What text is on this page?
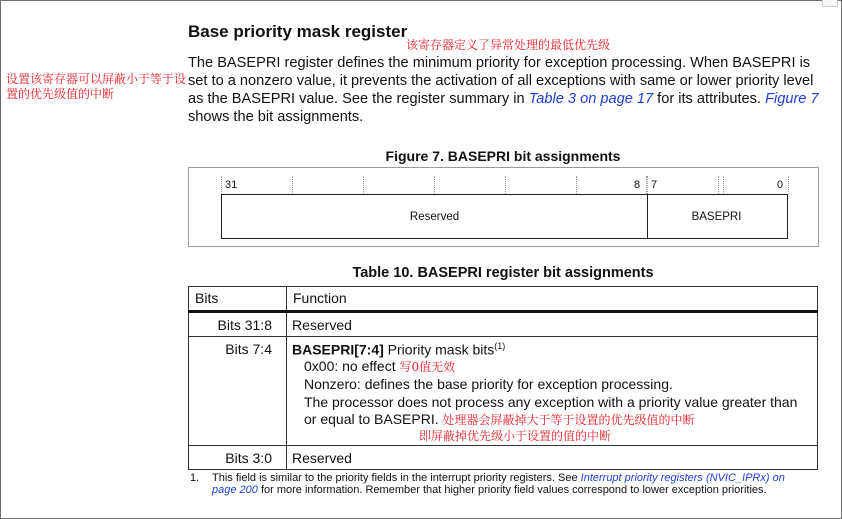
设置该寄存器可以屏蔽小于等于设置的优先级值的中断
Base priority mask register
该寄存器定义了异常处理的最低优先级
The BASEPRI register defines the minimum priority for exception processing. When BASEPRI is set to a nonzero value, it prevents the activation of all exceptions with same or lower priority level as the BASEPRI value. See the register summary in Table 3 on page 17 for its attributes. Figure 7 shows the bit assignments.
Figure 7. BASEPRI bit assignments
31	8 7	0
Reserved	BASEPRI
Table 10. BASEPRI register bit assignments
Bits	Function
Bits 31:8	Reserved
Bits 7:4	BASEPRI[7:4] Priority mask bits$^{(1)}$
0x00: no effect 写0值无效
Nonzero: defines the base priority for exception processing.
The processor does not process any exception with a priority value greater than or equal to BASEPRI. 处理器会屏蔽掉大于等于设置的优先级值的中断
即屏蔽掉优先级小于设置的值的中断

Bits 3:0	Reserved
1. This field is similar to the priority fields in the interrupt priority registers. See Interrupt priority registers (NVIC_IPRx) on page 200 for more information. Remember that higher priority field values correspond to lower exception priorities.
